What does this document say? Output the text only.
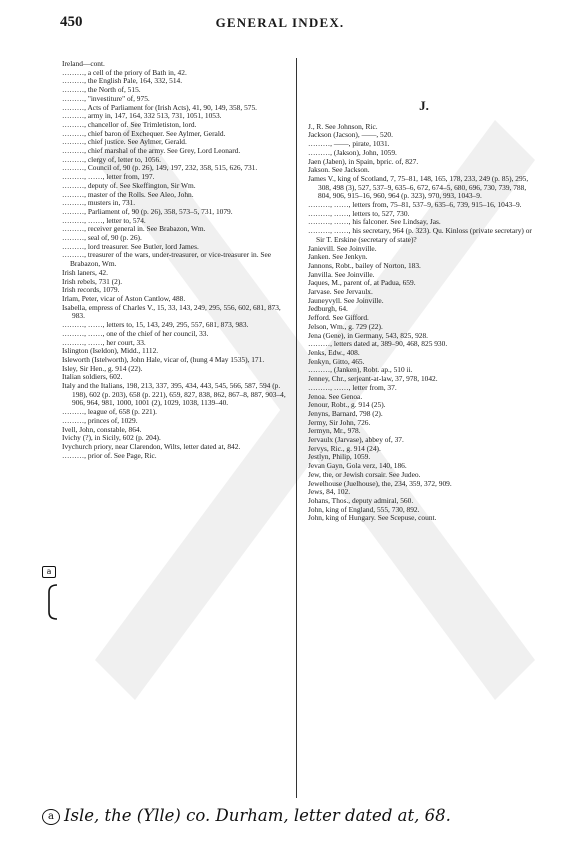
450	GENERAL INDEX.
Ireland—cont.
………, a cell of the priory of Bath in, 42.
………, the English Pale, 164, 332, 514.
………, the North of, 515.
………, "investiture" of, 975.
………, Acts of Parliament for (Irish Acts), 41, 90, 149, 358, 575.
………, army in, 147, 164, 332 513, 731, 1051, 1053.
………, chancellor of. See Trimletiston, lord.
………, chief baron of Exchequer. See Aylmer, Gerald.
………, chief justice. See Aylmer, Gerald.
………, chief marshal of the army. See Grey, Lord Leonard.
………, clergy of, letter to, 1056.
………, Council of, 90 (p. 26), 149, 197, 232, 358, 515, 626, 731.
………, ……, letter from, 197.
………, deputy of. See Skeffington, Sir Wm.
………, master of the Rolls. See Aleo, John.
………, musters in, 731.
………, Parliament of, 90 (p. 26), 358, 573–5, 731, 1079.
………, ……, letter to, 574.
………, receiver general in. See Brabazon, Wm.
………, seal of, 90 (p. 26).
………, lord treasurer. See Butler, lord James.
………, treasurer of the wars, under-treasurer, or vice-treasurer in. See Brabazon, Wm.
Irish laners, 42.
Irish rebels, 731 (2).
Irish records, 1079.
Irlam, Peter, vicar of Aston Cantlow, 488.
Isabella, empress of Charles V., 15, 33, 143, 249, 295, 556, 602, 681, 873, 983.
………, ……, letters to, 15, 143, 249, 295, 557, 681, 873, 983.
………, ……, one of the chief of her council, 33.
………, ……, her court, 33.
Islington (Iseldon), Midd., 1112.
Isleworth (Istelworth), John Hale, vicar of, (hung 4 May 1535), 171.
Isley, Sir Hen., g. 914 (22).
Italian soldiers, 602.
Italy and the Italians, 198, 213, 337, 395, 434, 443, 545, 566, 587, 594 (p. 198), 602 (p. 203), 658 (p. 221), 659, 827, 838, 862, 867–8, 887, 903–4, 906, 964, 981, 1000, 1001 (2), 1029, 1038, 1139–40.
………, league of, 658 (p. 221).
………, princes of, 1029.
Ivell, John, constable, 864.
Ivichy (?), in Sicily, 602 (p. 204).
Ivychurch priory, near Clarendon, Wilts, letter dated at, 842.
………, prior of. See Page, Ric.
J.
J., R. See Johnson, Ric.
Jackson (Jacson), ——, 520.
………, ——, pirate, 1031.
………, (Jakson), John, 1059.
Jaen (Jaben), in Spain, bpric. of, 827.
Jakson. See Jackson.
James V., king of Scotland, 7, 75–81, 148, 165, 178, 233, 249 (p. 85), 295, 308, 498 (3), 527, 537–9, 635–6, 672, 674–5, 680, 696, 730, 739, 788, 804, 906, 915–16, 960, 964 (p. 323), 970, 993, 1043–9.
………, ……, letters from, 75–81, 537–9, 635–6, 739, 915–16, 1043–9.
………, ……, letters to, 527, 730.
………, ……, his falconer. See Lindsay, Jas.
………, ……, his secretary, 964 (p. 323). Qu. Kinloss (private secretary) or Sir T. Erskine (secretary of state)?
Janievill. See Joinville.
Janken. See Jenkyn.
Jannons, Robt., bailey of Norton, 183.
Janvilla. See Joinville.
Jaques, M., parent of, at Padua, 659.
Jarvase. See Jervaulx.
Jauneyvyll. See Joinville.
Jedburgh, 64.
Jefford. See Gifford.
Jelson, Wm., g. 729 (22).
Jena (Gene), in Germany, 543, 825, 928.
………, letters dated at, 389–90, 468, 825 930.
Jenks, Edw., 408.
Jenkyn, Gitto, 465.
………, (Janken), Robt. ap., 510 ii.
Jenney, Chr., serjeant-at-law, 37, 978, 1042.
………, ……, letter from, 37.
Jenoa. See Genoa.
Jenour, Robt., g. 914 (25).
Jenyns, Barnard, 798 (2).
Jermy, Sir John, 726.
Jermyn, Mr., 978.
Jervaulx (Jarvase), abbey of, 37.
Jervys, Ric., g. 914 (24).
Jestlyn, Philip, 1059.
Jevan Gayn, Gola verz, 140, 186.
Jew, the, or Jewish corsair. See Judeo.
Jewelhouse (Juelhouse), the, 234, 359, 372, 909.
Jews, 84, 102.
Johans, Thos., deputy admiral, 560.
John, king of England, 555, 730, 892.
John, king of Hungary. See Scepuse, count.
a
a Isle, the (Ylle) co. Durham, letter dated at, 68.
